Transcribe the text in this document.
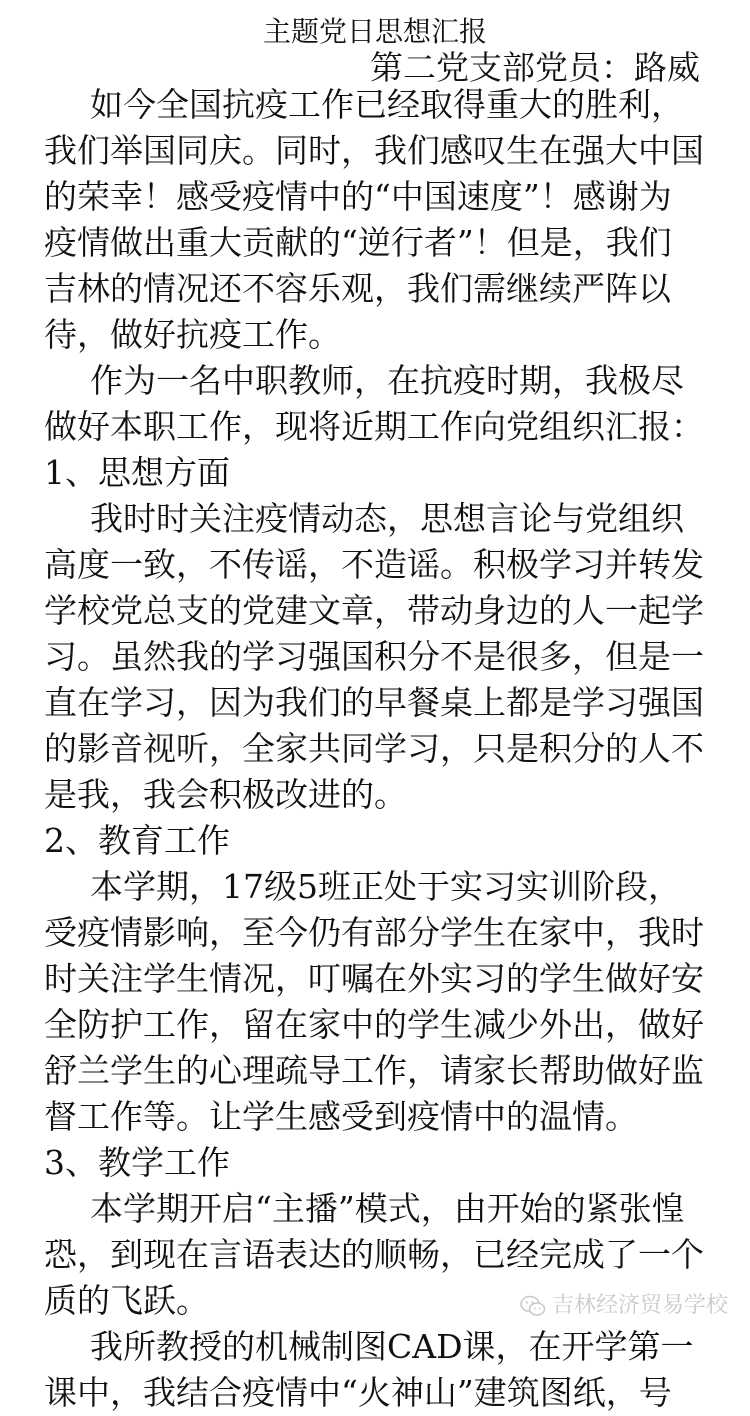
主题党日思想汇报
第二党支部党员：路威

如今全国抗疫工作已经取得重大的胜利，我们举国同庆。同时，我们感叹生在强大中国的荣幸！感受疫情中的“中国速度”！感谢为疫情做出重大贡献的“逆行者”！但是，我们吉林的情况还不容乐观，我们需继续严阵以待，做好抗疫工作。

作为一名中职教师，在抗疫时期，我极尽做好本职工作，现将近期工作向党组织汇报：

1、思想方面

我时时关注疫情动态，思想言论与党组织高度一致，不传谣，不造谣。积极学习并转发学校党总支的党建文章，带动身边的人一起学习。虽然我的学习强国积分不是很多，但是一直在学习，因为我们的早餐桌上都是学习强国的影音视听，全家共同学习，只是积分的人不是我，我会积极改进的。

2、教育工作

本学期，17级5班正处于实习实训阶段，受疫情影响，至今仍有部分学生在家中，我时时关注学生情况，叮嘱在外实习的学生做好安全防护工作，留在家中的学生减少外出，做好舒兰学生的心理疏导工作，请家长帮助做好监督工作等。让学生感受到疫情中的温情。

3、教学工作

本学期开启“主播”模式，由开始的紧张惶恐，到现在言语表达的顺畅，已经完成了一个质的飞跃。

我所教授的机械制图CAD课，在开学第一课中，我结合疫情中“火神山”建筑图纸，号

吉林经济贸易学校
